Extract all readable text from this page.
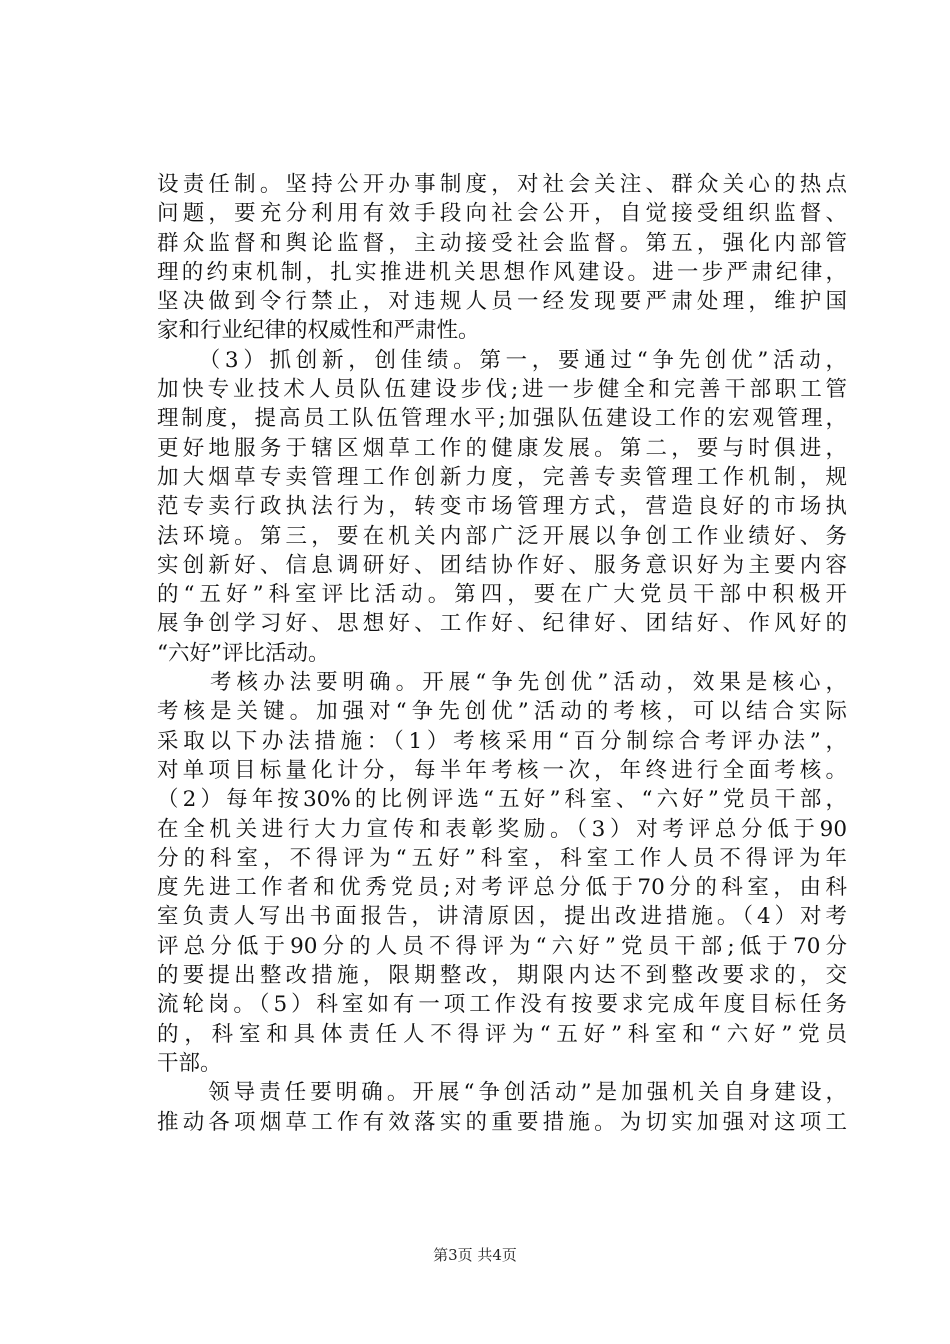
设责任制。坚持公开办事制度，对社会关注、群众关心的热点
问题，要充分利用有效手段向社会公开，自觉接受组织监督、
群众监督和舆论监督，主动接受社会监督。第五，强化内部管
理的约束机制，扎实推进机关思想作风建设。进一步严肃纪律，
坚决做到令行禁止，对违规人员一经发现要严肃处理，维护国
家和行业纪律的权威性和严肃性。
　　（3）抓创新，创佳绩。第一，要通过“争先创优”活动，
加快专业技术人员队伍建设步伐;进一步健全和完善干部职工管
理制度，提高员工队伍管理水平;加强队伍建设工作的宏观管理，
更好地服务于辖区烟草工作的健康发展。第二，要与时俱进，
加大烟草专卖管理工作创新力度，完善专卖管理工作机制，规
范专卖行政执法行为，转变市场管理方式，营造良好的市场执
法环境。第三，要在机关内部广泛开展以争创工作业绩好、务
实创新好、信息调研好、团结协作好、服务意识好为主要内容
的“五好”科室评比活动。第四，要在广大党员干部中积极开
展争创学习好、思想好、工作好、纪律好、团结好、作风好的
“六好”评比活动。
　　考核办法要明确。开展“争先创优”活动，效果是核心，
考核是关键。加强对“争先创优”活动的考核，可以结合实际
采取以下办法措施：（1）考核采用“百分制综合考评办法”，
对单项目标量化计分，每半年考核一次，年终进行全面考核。
（2）每年按30%的比例评选“五好”科室、“六好”党员干部，
在全机关进行大力宣传和表彰奖励。（3）对考评总分低于90
分的科室，不得评为“五好”科室，科室工作人员不得评为年
度先进工作者和优秀党员;对考评总分低于70分的科室，由科
室负责人写出书面报告，讲清原因，提出改进措施。（4）对考
评总分低于90分的人员不得评为“六好”党员干部;低于70分
的要提出整改措施，限期整改，期限内达不到整改要求的，交
流轮岗。（5）科室如有一项工作没有按要求完成年度目标任务
的，科室和具体责任人不得评为“五好”科室和“六好”党员
干部。
　　领导责任要明确。开展“争创活动”是加强机关自身建设，
推动各项烟草工作有效落实的重要措施。为切实加强对这项工
第3页 共4页
